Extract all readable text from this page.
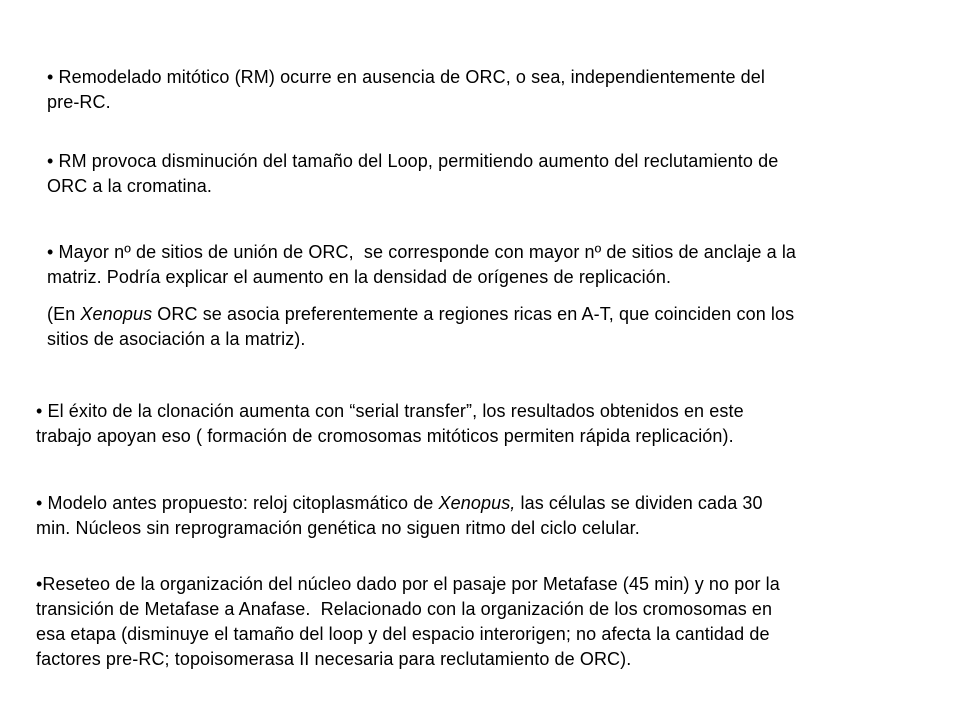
• Remodelado mitótico (RM) ocurre en ausencia de ORC, o sea, independientemente del
pre-RC.

• RM provoca disminución del tamaño del Loop, permitiendo aumento del reclutamiento de
ORC a la cromatina.

• Mayor nº de sitios de unión de ORC,  se corresponde con mayor nº de sitios de anclaje a la
matriz. Podría explicar el aumento en la densidad de orígenes de replicación.

(En Xenopus ORC se asocia preferentemente a regiones ricas en A-T, que coinciden con los
sitios de asociación a la matriz).

• El éxito de la clonación aumenta con “serial transfer”, los resultados obtenidos en este
trabajo apoyan eso ( formación de cromosomas mitóticos permiten rápida replicación).

• Modelo antes propuesto: reloj citoplasmático de Xenopus, las células se dividen cada 30
min. Núcleos sin reprogramación genética no siguen ritmo del ciclo celular.

•Reseteo de la organización del núcleo dado por el pasaje por Metafase (45 min) y no por la
transición de Metafase a Anafase.  Relacionado con la organización de los cromosomas en
esa etapa (disminuye el tamaño del loop y del espacio interorigen; no afecta la cantidad de
factores pre-RC; topoisomerasa II necesaria para reclutamiento de ORC).
